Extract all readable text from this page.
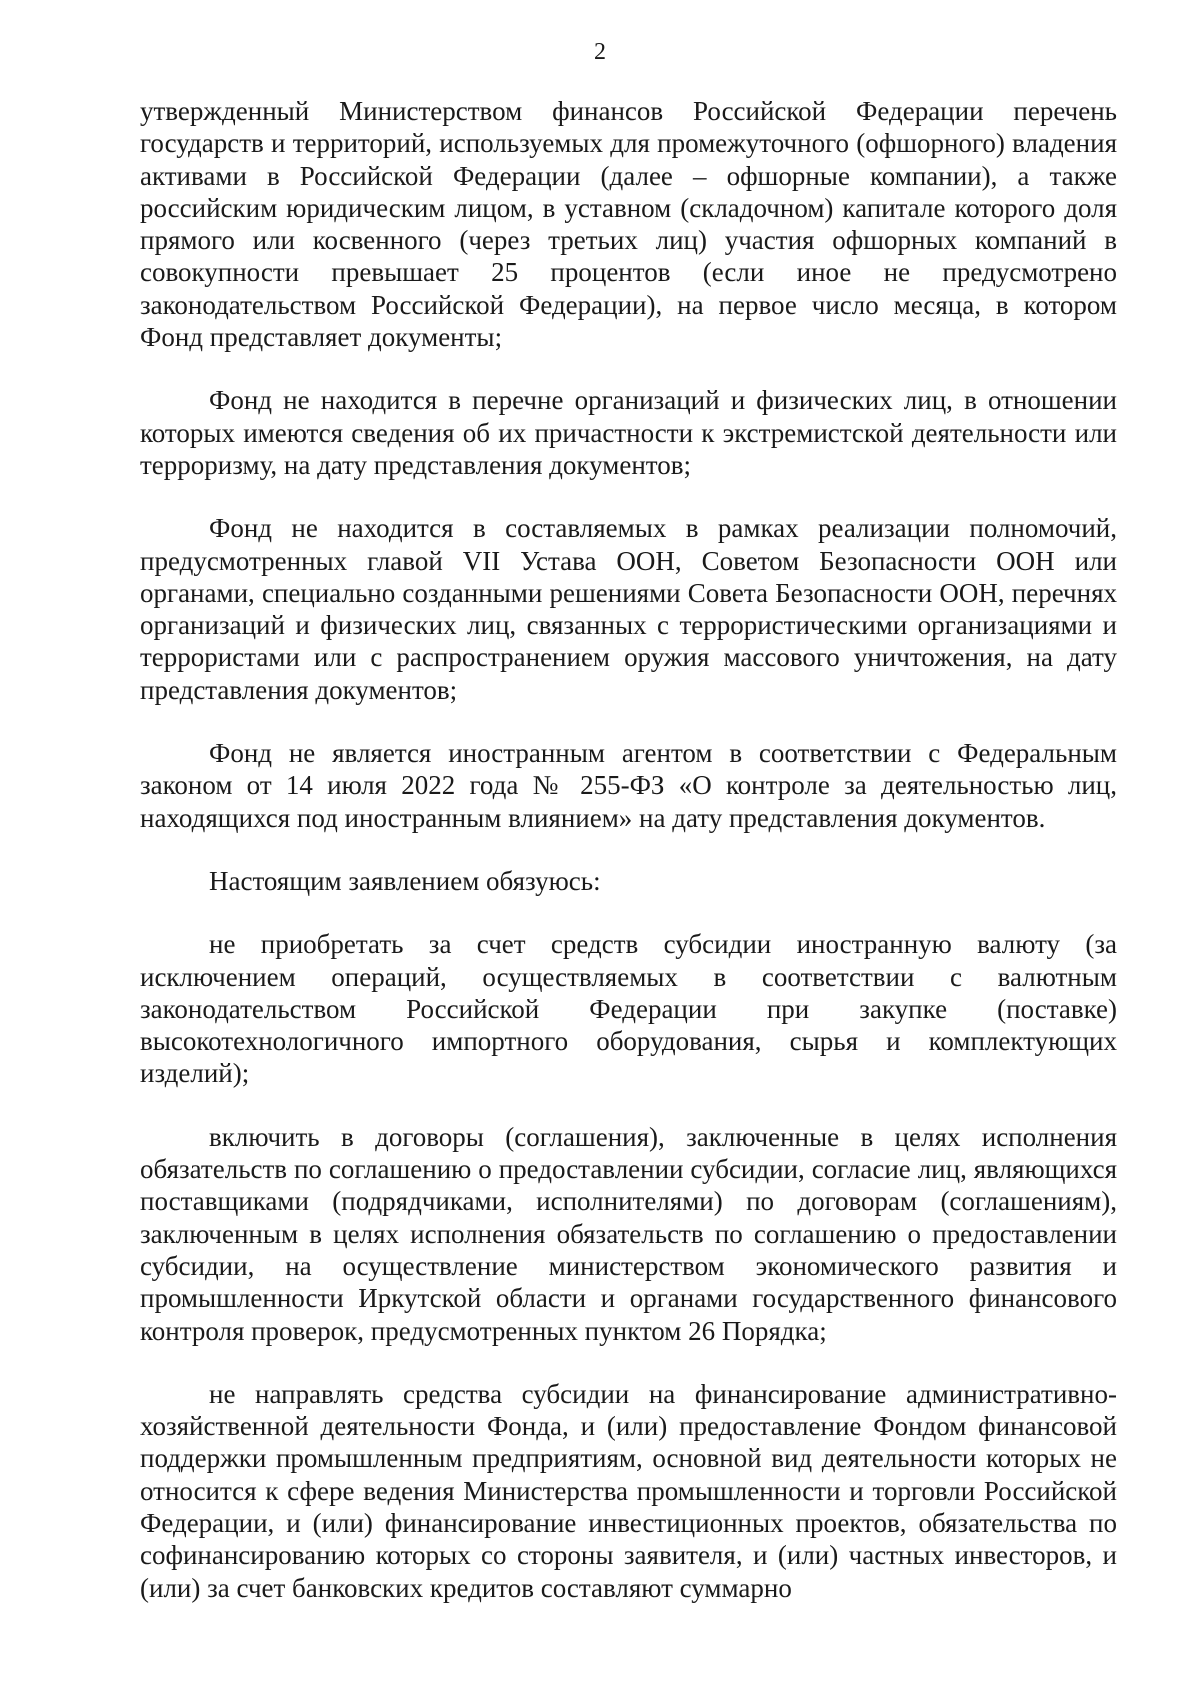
2

утвержденный Министерством финансов Российской Федерации перечень государств и территорий, используемых для промежуточного (офшорного) владения активами в Российской Федерации (далее – офшорные компании), а также российским юридическим лицом, в уставном (складочном) капитале которого доля прямого или косвенного (через третьих лиц) участия офшорных компаний в совокупности превышает 25 процентов (если иное не предусмотрено законодательством Российской Федерации), на первое число месяца, в котором Фонд представляет документы;

Фонд не находится в перечне организаций и физических лиц, в отношении которых имеются сведения об их причастности к экстремистской деятельности или терроризму, на дату представления документов;

Фонд не находится в составляемых в рамках реализации полномочий, предусмотренных главой VII Устава ООН, Советом Безопасности ООН или органами, специально созданными решениями Совета Безопасности ООН, перечнях организаций и физических лиц, связанных с террористическими организациями и террористами или с распространением оружия массового уничтожения, на дату представления документов;

Фонд не является иностранным агентом в соответствии с Федеральным законом от 14 июля 2022 года № 255-ФЗ «О контроле за деятельностью лиц, находящихся под иностранным влиянием» на дату представления документов.

Настоящим заявлением обязуюсь:

не приобретать за счет средств субсидии иностранную валюту (за исключением операций, осуществляемых в соответствии с валютным законодательством Российской Федерации при закупке (поставке) высокотехнологичного импортного оборудования, сырья и комплектующих изделий);

включить в договоры (соглашения), заключенные в целях исполнения обязательств по соглашению о предоставлении субсидии, согласие лиц, являющихся поставщиками (подрядчиками, исполнителями) по договорам (соглашениям), заключенным в целях исполнения обязательств по соглашению о предоставлении субсидии, на осуществление министерством экономического развития и промышленности Иркутской области и органами государственного финансового контроля проверок, предусмотренных пунктом 26 Порядка;

не направлять средства субсидии на финансирование административно-хозяйственной деятельности Фонда, и (или) предоставление Фондом финансовой поддержки промышленным предприятиям, основной вид деятельности которых не относится к сфере ведения Министерства промышленности и торговли Российской Федерации, и (или) финансирование инвестиционных проектов, обязательства по софинансированию которых со стороны заявителя, и (или) частных инвесторов, и (или) за счет банковских кредитов составляют суммарно
